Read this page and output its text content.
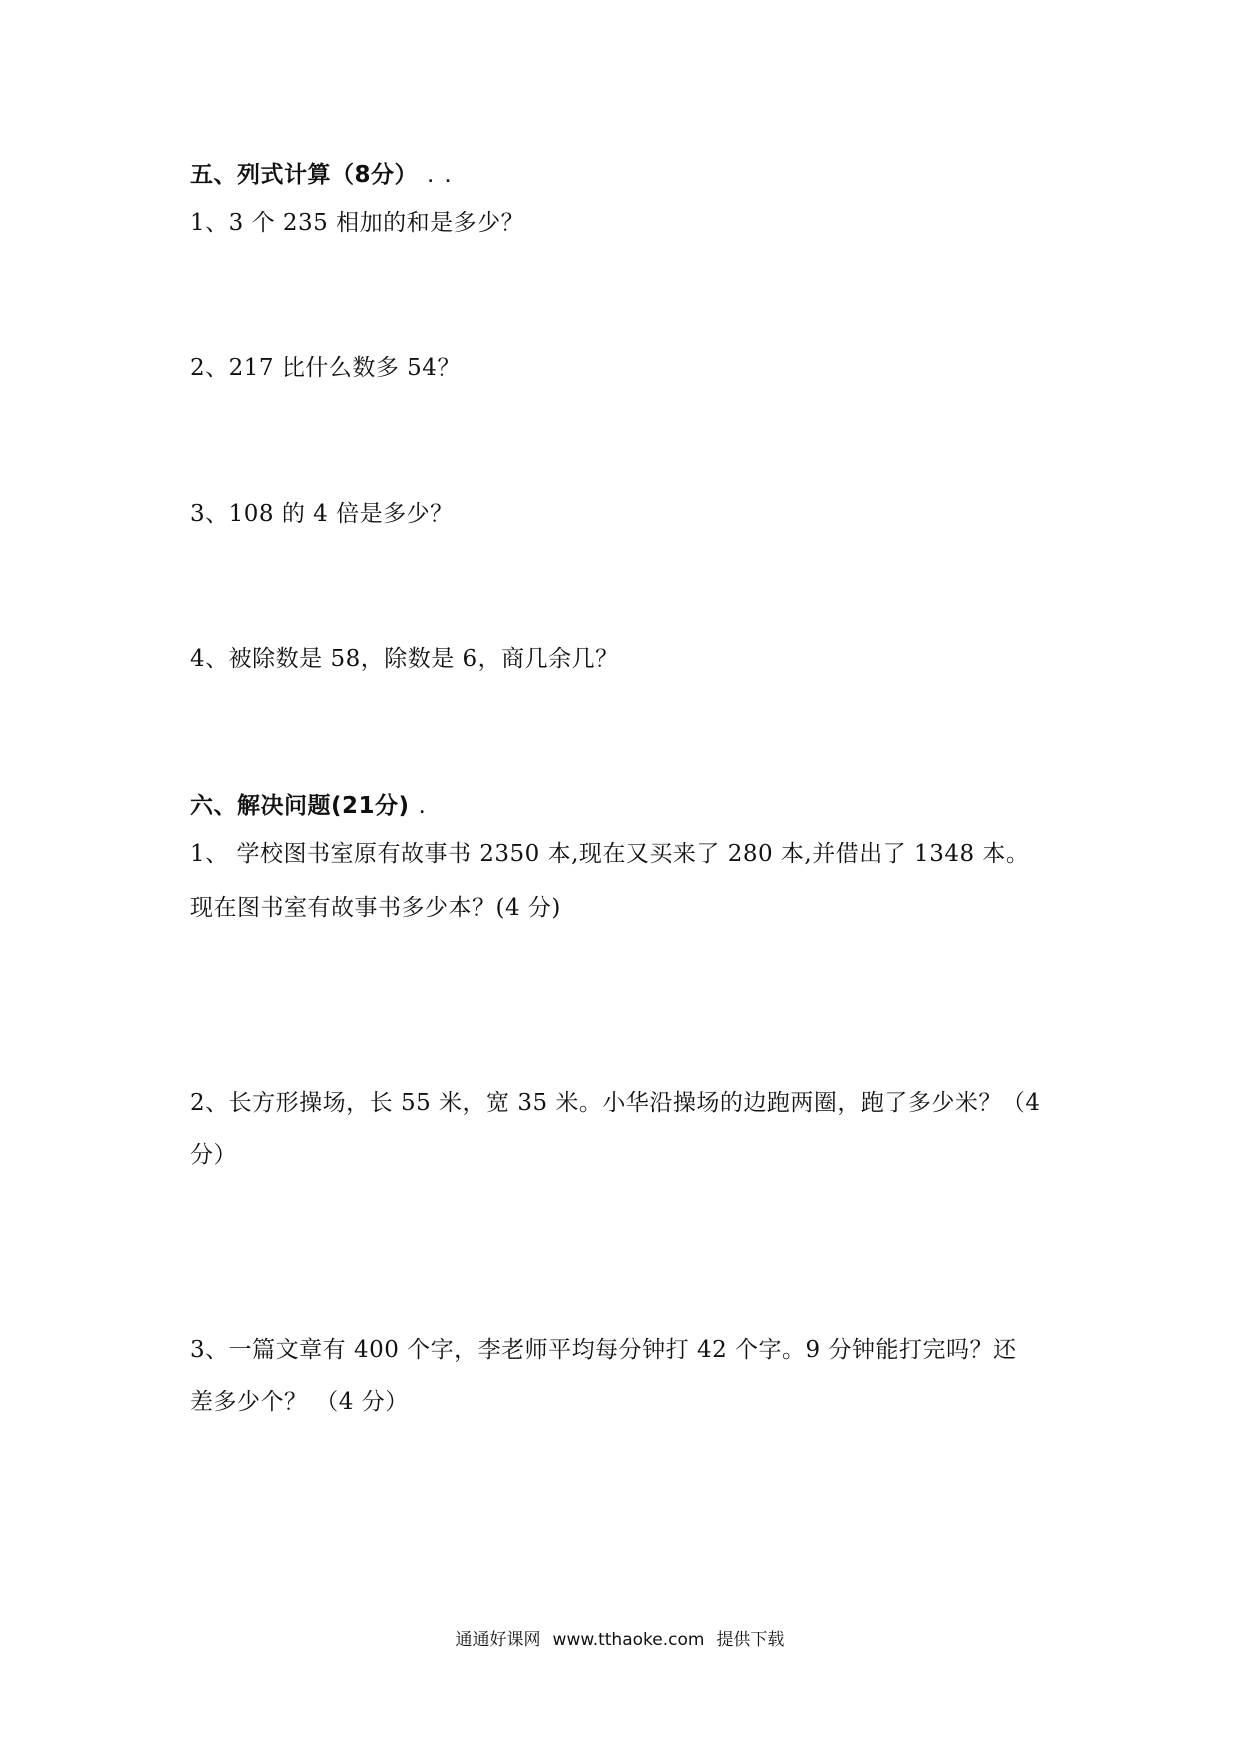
五、列式计算（8分） ..
1、3 个 235 相加的和是多少？
2、217 比什么数多 54？
3、108 的 4 倍是多少？
4、被除数是 58，除数是 6，商几余几？
六、解决问题(21分) .
1、 学校图书室原有故事书 2350 本,现在又买来了 280 本,并借出了 1348 本。
现在图书室有故事书多少本？(4 分)
2、长方形操场，长 55 米，宽 35 米。小华沿操场的边跑两圈，跑了多少米？（4
分）
3、一篇文章有 400 个字，李老师平均每分钟打 42 个字。9 分钟能打完吗？还
差多少个？ （4 分）
通通好课网 www.tthaoke.com 提供下载
